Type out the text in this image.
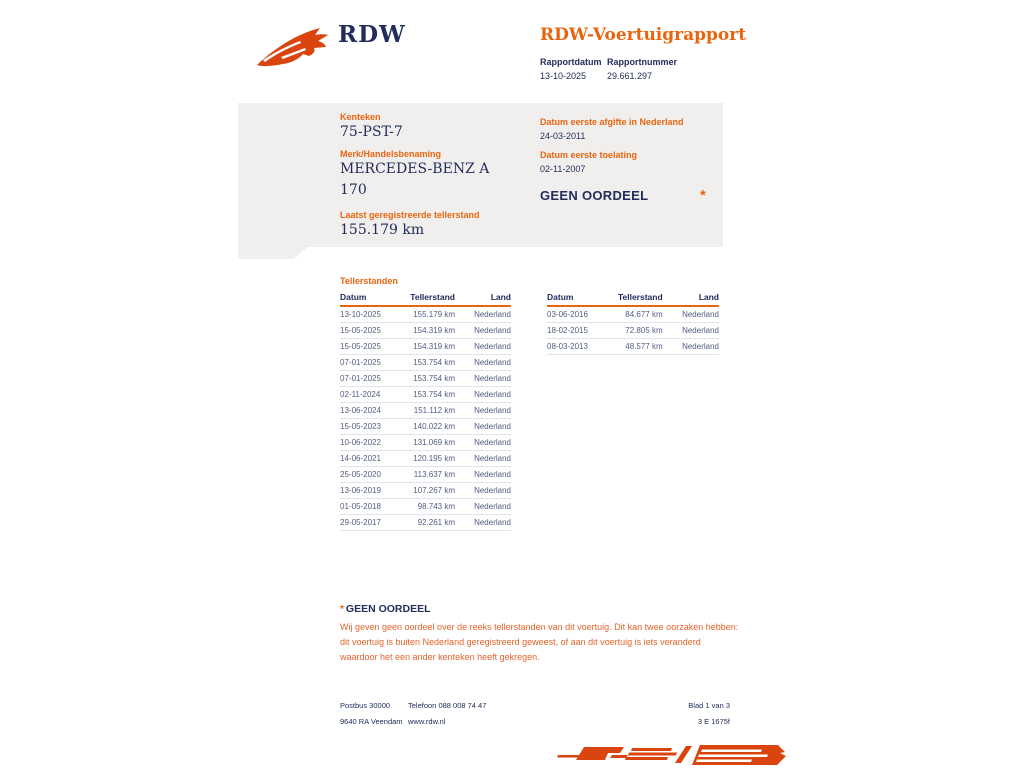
RDW	RDW-Voertuigrapport
Rapportdatum
13-10-2025
Rapportnummer
29.661.297
Kenteken
75-PST-7
Merk/Handelsbenaming
MERCEDES-BENZ A 170
Laatst geregistreerde tellerstand
155.179 km
Datum eerste afgifte in Nederland
24-03-2011
Datum eerste toelating
02-11-2007
GEEN OORDEEL	*
Tellerstanden
Datum	Tellerstand	Land
13-10-2025	155.179 km	Nederland
15-05-2025	154.319 km	Nederland
15-05-2025	154.319 km	Nederland
07-01-2025	153.754 km	Nederland
07-01-2025	153.754 km	Nederland
02-11-2024	153.754 km	Nederland
13-06-2024	151.112 km	Nederland
15-05-2023	140.022 km	Nederland
10-06-2022	131.069 km	Nederland
14-06-2021	120.195 km	Nederland
25-05-2020	113.637 km	Nederland
13-06-2019	107.267 km	Nederland
01-05-2018	98.743 km	Nederland
29-05-2017	92.261 km	Nederland
Datum	Tellerstand	Land
03-06-2016	84.677 km	Nederland
18-02-2015	72.805 km	Nederland
08-03-2013	48.577 km	Nederland
* GEEN OORDEEL
Wij geven geen oordeel over de reeks tellerstanden van dit voertuig. Dit kan twee oorzaken hebben: dit voertuig is buiten Nederland geregistreerd geweest, of aan dit voertuig is iets veranderd waardoor het een ander kenteken heeft gekregen.
Postbus 30000
9640 RA Veendam
Telefoon 088 008 74 47
www.rdw.nl
Blad 1 van 3
3 E 1675f
